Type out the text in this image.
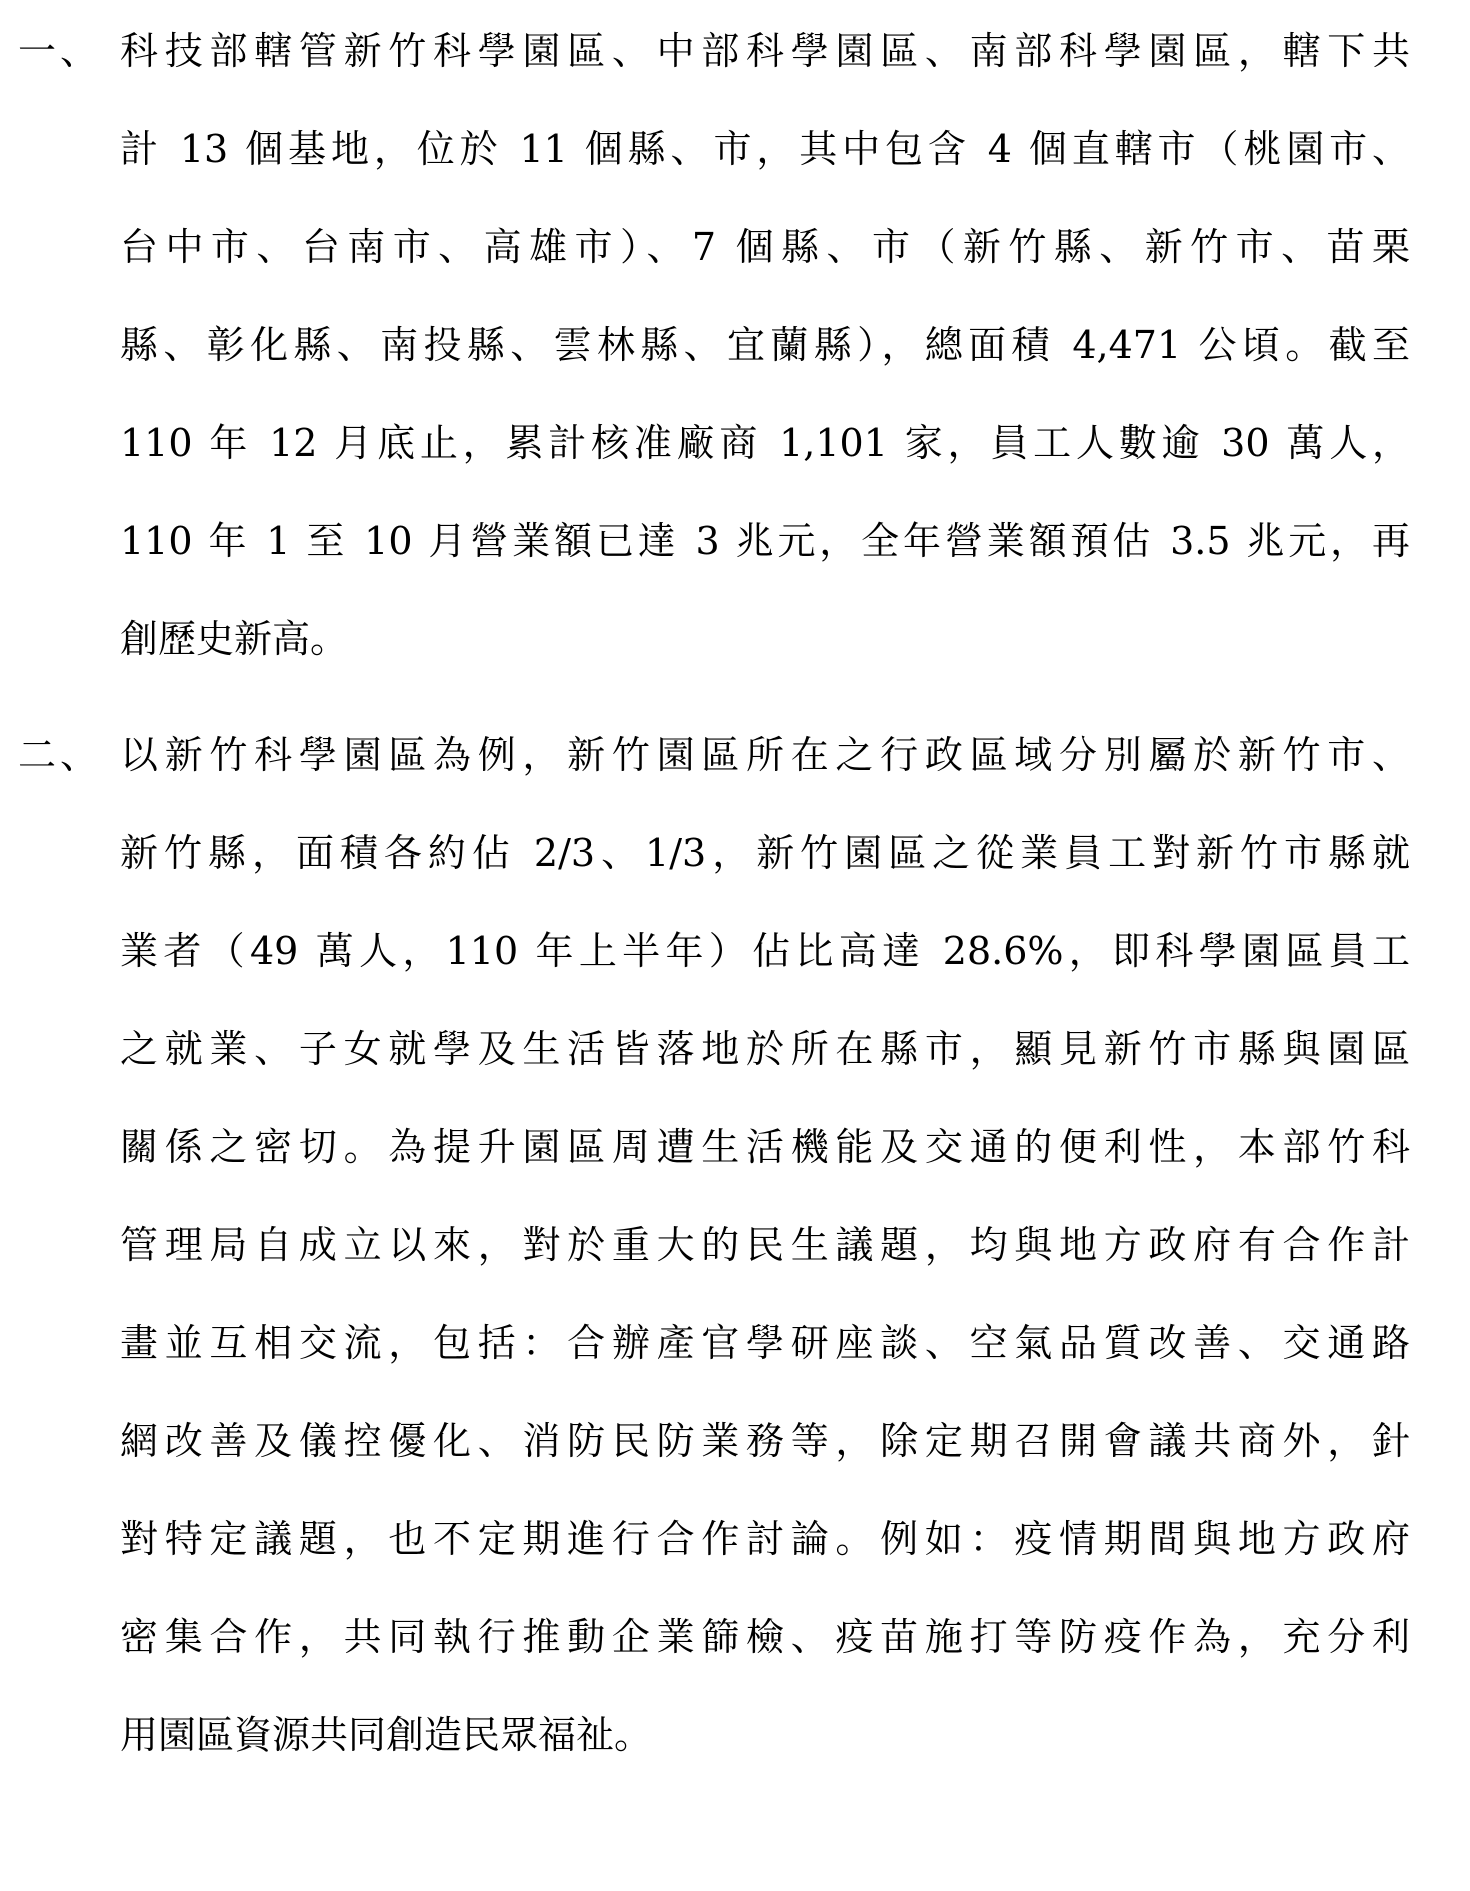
一、 科技部轄管新竹科學園區、中部科學園區、南部科學園區，轄下共
計 13 個基地，位於 11 個縣、市，其中包含 4 個直轄市（桃園市、
台中市、台南市、高雄市）、7 個縣、市（新竹縣、新竹市、苗栗
縣、彰化縣、南投縣、雲林縣、宜蘭縣），總面積 4,471 公頃。截至
110 年 12 月底止，累計核准廠商 1,101 家，員工人數逾 30 萬人，
110 年 1 至 10 月營業額已達 3 兆元，全年營業額預估 3.5 兆元，再
創歷史新高。
二、 以新竹科學園區為例，新竹園區所在之行政區域分別屬於新竹市、
新竹縣，面積各約佔 2/3、1/3，新竹園區之從業員工對新竹市縣就
業者（49 萬人，110 年上半年）佔比高達 28.6%，即科學園區員工
之就業、子女就學及生活皆落地於所在縣市，顯見新竹市縣與園區
關係之密切。為提升園區周遭生活機能及交通的便利性，本部竹科
管理局自成立以來，對於重大的民生議題，均與地方政府有合作計
畫並互相交流，包括：合辦產官學研座談、空氣品質改善、交通路
網改善及儀控優化、消防民防業務等，除定期召開會議共商外，針
對特定議題，也不定期進行合作討論。例如：疫情期間與地方政府
密集合作，共同執行推動企業篩檢、疫苗施打等防疫作為，充分利
用園區資源共同創造民眾福祉。
